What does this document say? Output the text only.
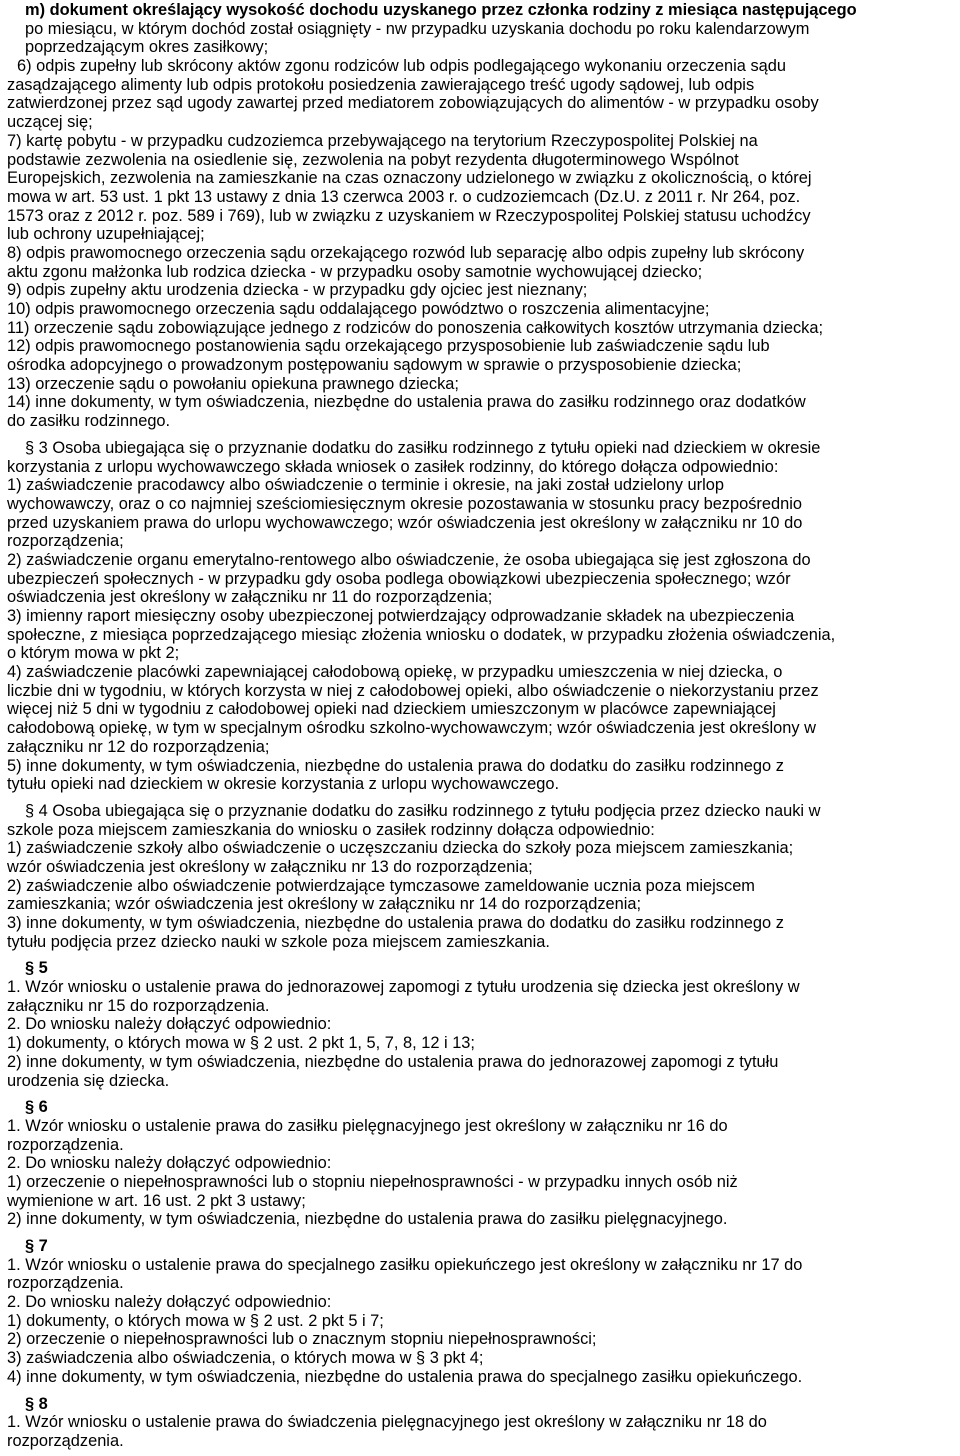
m) dokument określający wysokość dochodu uzyskanego przez członka rodziny z miesiąca następującego
po miesiącu, w którym dochód został osiągnięty - nw przypadku uzyskania dochodu po roku kalendarzowym
poprzedzającym okres zasiłkowy;
6) odpis zupełny lub skrócony aktów zgonu rodziców lub odpis podlegającego wykonaniu orzeczenia sądu
zasądzającego alimenty lub odpis protokołu posiedzenia zawierającego treść ugody sądowej, lub odpis
zatwierdzonej przez sąd ugody zawartej przed mediatorem zobowiązujących do alimentów - w przypadku osoby
uczącej się;
7) kartę pobytu - w przypadku cudzoziemca przebywającego na terytorium Rzeczypospolitej Polskiej na
podstawie zezwolenia na osiedlenie się, zezwolenia na pobyt rezydenta długoterminowego Wspólnot
Europejskich, zezwolenia na zamieszkanie na czas oznaczony udzielonego w związku z okolicznością, o której
mowa w art. 53 ust. 1 pkt 13 ustawy z dnia 13 czerwca 2003 r. o cudzoziemcach (Dz.U. z 2011 r. Nr 264, poz.
1573 oraz z 2012 r. poz. 589 i 769), lub w związku z uzyskaniem w Rzeczypospolitej Polskiej statusu uchodźcy
lub ochrony uzupełniającej;
8) odpis prawomocnego orzeczenia sądu orzekającego rozwód lub separację albo odpis zupełny lub skrócony
aktu zgonu małżonka lub rodzica dziecka - w przypadku osoby samotnie wychowującej dziecko;
9) odpis zupełny aktu urodzenia dziecka - w przypadku gdy ojciec jest nieznany;
10) odpis prawomocnego orzeczenia sądu oddalającego powództwo o roszczenia alimentacyjne;
11) orzeczenie sądu zobowiązujące jednego z rodziców do ponoszenia całkowitych kosztów utrzymania dziecka;
12) odpis prawomocnego postanowienia sądu orzekającego przysposobienie lub zaświadczenie sądu lub
ośrodka adopcyjnego o prowadzonym postępowaniu sądowym w sprawie o przysposobienie dziecka;
13) orzeczenie sądu o powołaniu opiekuna prawnego dziecka;
14) inne dokumenty, w tym oświadczenia, niezbędne do ustalenia prawa do zasiłku rodzinnego oraz dodatków
do zasiłku rodzinnego.
§ 3 Osoba ubiegająca się o przyznanie dodatku do zasiłku rodzinnego z tytułu opieki nad dzieckiem w okresie
korzystania z urlopu wychowawczego składa wniosek o zasiłek rodzinny, do którego dołącza odpowiednio:
1) zaświadczenie pracodawcy albo oświadczenie o terminie i okresie, na jaki został udzielony urlop
wychowawczy, oraz o co najmniej sześciomiesięcznym okresie pozostawania w stosunku pracy bezpośrednio
przed uzyskaniem prawa do urlopu wychowawczego; wzór oświadczenia jest określony w załączniku nr 10 do
rozporządzenia;
2) zaświadczenie organu emerytalno-rentowego albo oświadczenie, że osoba ubiegająca się jest zgłoszona do
ubezpieczeń społecznych - w przypadku gdy osoba podlega obowiązkowi ubezpieczenia społecznego; wzór
oświadczenia jest określony w załączniku nr 11 do rozporządzenia;
3) imienny raport miesięczny osoby ubezpieczonej potwierdzający odprowadzanie składek na ubezpieczenia
społeczne, z miesiąca poprzedzającego miesiąc złożenia wniosku o dodatek, w przypadku złożenia oświadczenia,
o którym mowa w pkt 2;
4) zaświadczenie placówki zapewniającej całodobową opiekę, w przypadku umieszczenia w niej dziecka, o
liczbie dni w tygodniu, w których korzysta w niej z całodobowej opieki, albo oświadczenie o niekorzystaniu przez
więcej niż 5 dni w tygodniu z całodobowej opieki nad dzieckiem umieszczonym w placówce zapewniającej
całodobową opiekę, w tym w specjalnym ośrodku szkolno-wychowawczym; wzór oświadczenia jest określony w
załączniku nr 12 do rozporządzenia;
5) inne dokumenty, w tym oświadczenia, niezbędne do ustalenia prawa do dodatku do zasiłku rodzinnego z
tytułu opieki nad dzieckiem w okresie korzystania z urlopu wychowawczego.
§ 4 Osoba ubiegająca się o przyznanie dodatku do zasiłku rodzinnego z tytułu podjęcia przez dziecko nauki w
szkole poza miejscem zamieszkania do wniosku o zasiłek rodzinny dołącza odpowiednio:
1) zaświadczenie szkoły albo oświadczenie o uczęszczaniu dziecka do szkoły poza miejscem zamieszkania;
wzór oświadczenia jest określony w załączniku nr 13 do rozporządzenia;
2) zaświadczenie albo oświadczenie potwierdzające tymczasowe zameldowanie ucznia poza miejscem
zamieszkania; wzór oświadczenia jest określony w załączniku nr 14 do rozporządzenia;
3) inne dokumenty, w tym oświadczenia, niezbędne do ustalenia prawa do dodatku do zasiłku rodzinnego z
tytułu podjęcia przez dziecko nauki w szkole poza miejscem zamieszkania.
§ 5
1. Wzór wniosku o ustalenie prawa do jednorazowej zapomogi z tytułu urodzenia się dziecka jest określony w
załączniku nr 15 do rozporządzenia.
2. Do wniosku należy dołączyć odpowiednio:
1) dokumenty, o których mowa w § 2 ust. 2 pkt 1, 5, 7, 8, 12 i 13;
2) inne dokumenty, w tym oświadczenia, niezbędne do ustalenia prawa do jednorazowej zapomogi z tytułu
urodzenia się dziecka.
§ 6
1. Wzór wniosku o ustalenie prawa do zasiłku pielęgnacyjnego jest określony w załączniku nr 16 do
rozporządzenia.
2. Do wniosku należy dołączyć odpowiednio:
1) orzeczenie o niepełnosprawności lub o stopniu niepełnosprawności - w przypadku innych osób niż
wymienione w art. 16 ust. 2 pkt 3 ustawy;
2) inne dokumenty, w tym oświadczenia, niezbędne do ustalenia prawa do zasiłku pielęgnacyjnego.
§ 7
1. Wzór wniosku o ustalenie prawa do specjalnego zasiłku opiekuńczego jest określony w załączniku nr 17 do
rozporządzenia.
2. Do wniosku należy dołączyć odpowiednio:
1) dokumenty, o których mowa w § 2 ust. 2 pkt 5 i 7;
2) orzeczenie o niepełnosprawności lub o znacznym stopniu niepełnosprawności;
3) zaświadczenia albo oświadczenia, o których mowa w § 3 pkt 4;
4) inne dokumenty, w tym oświadczenia, niezbędne do ustalenia prawa do specjalnego zasiłku opiekuńczego.
§ 8
1. Wzór wniosku o ustalenie prawa do świadczenia pielęgnacyjnego jest określony w załączniku nr 18 do
rozporządzenia.
